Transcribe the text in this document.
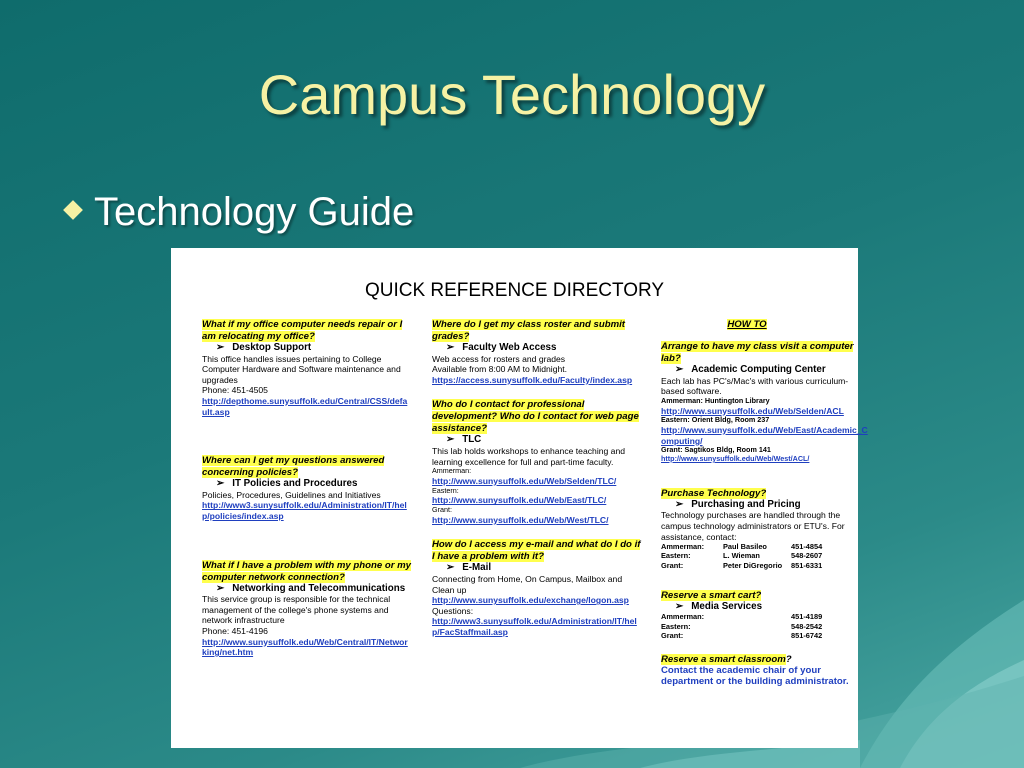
Campus Technology
Technology Guide
QUICK REFERENCE DIRECTORY
What if my office computer needs repair or I am relocating my office?
➢ Desktop Support
This office handles issues pertaining to College Computer Hardware and Software maintenance and upgrades
Phone: 451-4505
http://depthome.sunysuffolk.edu/Central/CSS/default.asp
Where can I get my questions answered concerning policies?
➢ IT Policies and Procedures
Policies, Procedures, Guidelines and Initiatives
http://www3.sunysuffolk.edu/Administration/IT/help/policies/index.asp
What if I have a problem with my phone or my computer network connection?
➢ Networking and Telecommunications
This service group is responsible for the technical management of the college's phone systems and network infrastructure
Phone: 451-4196
http://www.sunysuffolk.edu/Web/Central/IT/Networking/net.htm
Where do I get my class roster and submit grades?
➢ Faculty Web Access
Web access for rosters and grades
Available from 8:00 AM to Midnight.
https://access.sunysuffolk.edu/Faculty/index.asp
Who do I contact for professional development? Who do I contact for web page assistance?
➢ TLC
This lab holds workshops to enhance teaching and learning excellence for full and part-time faculty.
Ammerman:
http://www.sunysuffolk.edu/Web/Selden/TLC/
Eastern:
http://www.sunysuffolk.edu/Web/East/TLC/
Grant:
http://www.sunysuffolk.edu/Web/West/TLC/
How do I access my e-mail and what do I do if I have a problem with it?
➢ E-Mail
Connecting from Home, On Campus, Mailbox and Clean up
http://www.sunysuffolk.edu/exchange/logon.asp
Questions:
http://www3.sunysuffolk.edu/Administration/IT/help/FacStaffmail.asp
HOW TO
Arrange to have my class visit a computer lab?
➢ Academic Computing Center
Each lab has PC's/Mac's with various curriculum-based software.
Ammerman: Huntington Library
http://www.sunysuffolk.edu/Web/Selden/ACL
Eastern: Orient Bldg, Room 237
http://www.sunysuffolk.edu/Web/East/Academic_Computing/
Grant: Sagtikos Bldg, Room 141
http://www.sunysuffolk.edu/Web/West/ACL/
Purchase Technology?
➢ Purchasing and Pricing
Technology purchases are handled through the campus technology administrators or ETU's. For assistance, contact:
Ammerman:	Paul Basileo	451-4854
Eastern:	L. Wieman	548-2607
Grant:	Peter DiGregorio	851-6331
Reserve a smart cart?
➢ Media Services
Ammerman:	451-4189
Eastern:	548-2542
Grant:	851-6742
Reserve a smart classroom?
Contact the academic chair of your department or the building administrator.
